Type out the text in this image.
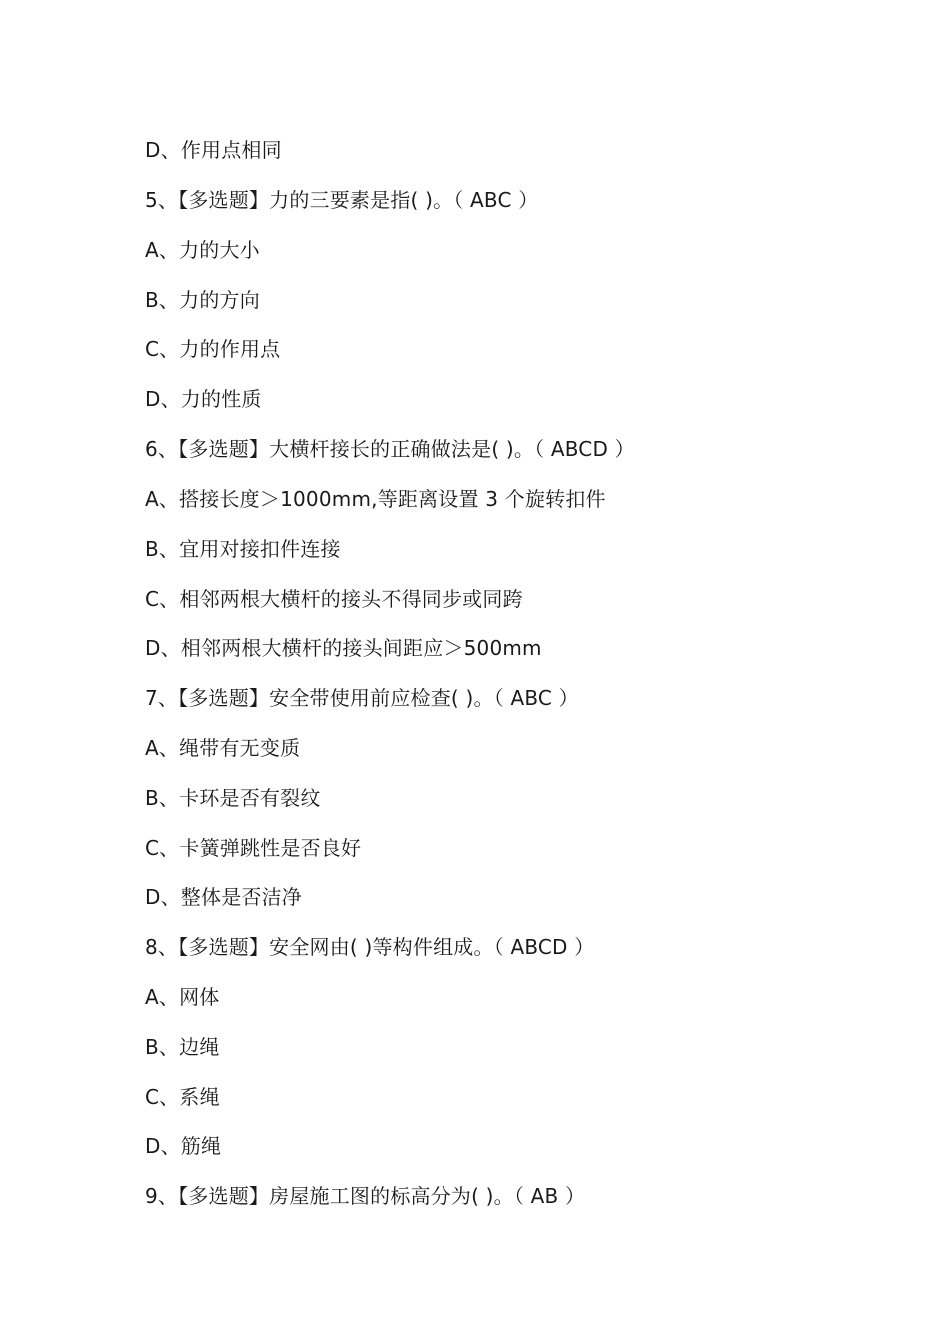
D、作用点相同
5、【多选题】力的三要素是指( )。（ ABC ）
A、力的大小
B、力的方向
C、力的作用点
D、力的性质
6、【多选题】大横杆接长的正确做法是( )。（ ABCD ）
A、搭接长度＞1000mm,等距离设置 3 个旋转扣件
B、宜用对接扣件连接
C、相邻两根大横杆的接头不得同步或同跨
D、相邻两根大横杆的接头间距应＞500mm
7、【多选题】安全带使用前应检查( )。（ ABC ）
A、绳带有无变质
B、卡环是否有裂纹
C、卡簧弹跳性是否良好
D、整体是否洁净
8、【多选题】安全网由( )等构件组成。（ ABCD ）
A、网体
B、边绳
C、系绳
D、筋绳
9、【多选题】房屋施工图的标高分为( )。（ AB ）
